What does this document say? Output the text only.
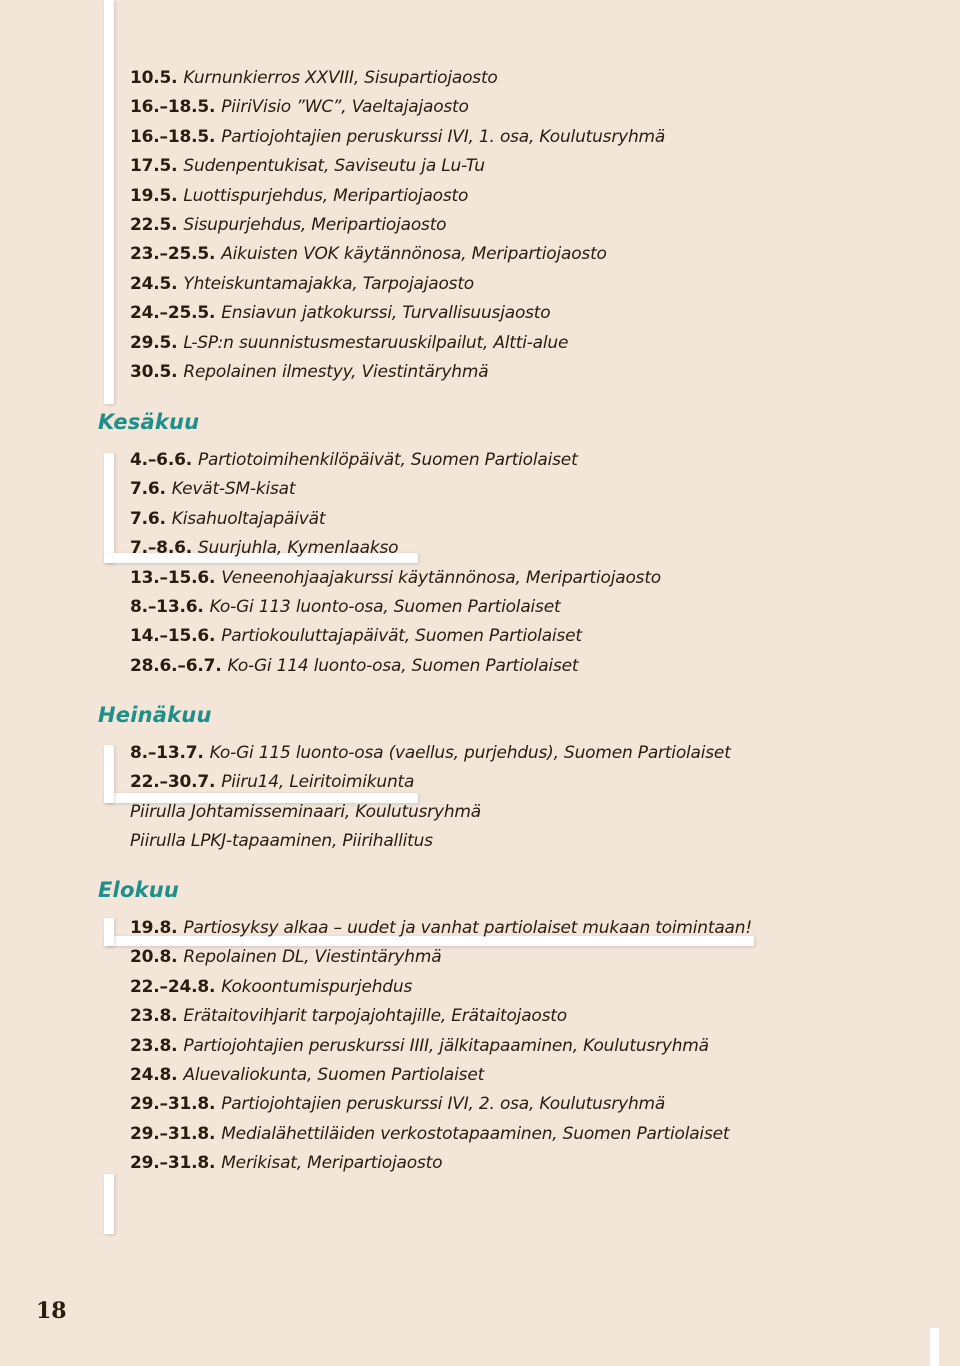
10.5. Kurnunkierros XXVIII, Sisupartiojaosto
16.–18.5. PiiriVisio ”WC”, Vaeltajajaosto
16.–18.5. Partiojohtajien peruskurssi IVI, 1. osa, Koulutusryhmä
17.5. Sudenpentukisat, Saviseutu ja Lu-Tu
19.5. Luottispurjehdus, Meripartiojaosto
22.5. Sisupurjehdus, Meripartiojaosto
23.–25.5. Aikuisten VOK käytännönosa, Meripartiojaosto
24.5. Yhteiskuntamajakka, Tarpojajaosto
24.–25.5. Ensiavun jatkokurssi, Turvallisuusjaosto
29.5. L-SP:n suunnistusmestaruuskilpailut, Altti-alue
30.5. Repolainen ilmestyy, Viestintäryhmä
Kesäkuu
4.–6.6. Partiotoimihenkilöpäivät, Suomen Partiolaiset
7.6. Kevät-SM-kisat
7.6. Kisahuoltajapäivät
7.–8.6. Suurjuhla, Kymenlaakso
13.–15.6. Veneenohjaajakurssi käytännönosa, Meripartiojaosto
8.–13.6. Ko-Gi 113 luonto-osa, Suomen Partiolaiset
14.–15.6. Partiokouluttajapäivät, Suomen Partiolaiset
28.6.–6.7. Ko-Gi 114 luonto-osa, Suomen Partiolaiset
Heinäkuu
8.–13.7. Ko-Gi 115 luonto-osa (vaellus, purjehdus), Suomen Partiolaiset
22.–30.7. Piiru14, Leiritoimikunta
Piirulla Johtamisseminaari, Koulutusryhmä
Piirulla LPKJ-tapaaminen, Piirihallitus
Elokuu
19.8. Partiosyksy alkaa – uudet ja vanhat partiolaiset mukaan toimintaan!
20.8. Repolainen DL, Viestintäryhmä
22.–24.8. Kokoontumispurjehdus
23.8. Erätaitovihjarit tarpojajohtajille, Erätaitojaosto
23.8. Partiojohtajien peruskurssi IIII, jälkitapaaminen, Koulutusryhmä
24.8. Aluevaliokunta, Suomen Partiolaiset
29.–31.8. Partiojohtajien peruskurssi IVI, 2. osa, Koulutusryhmä
29.–31.8. Medialähettiläiden verkostotapaaminen, Suomen Partiolaiset
29.–31.8. Merikisat, Meripartiojaosto
18
